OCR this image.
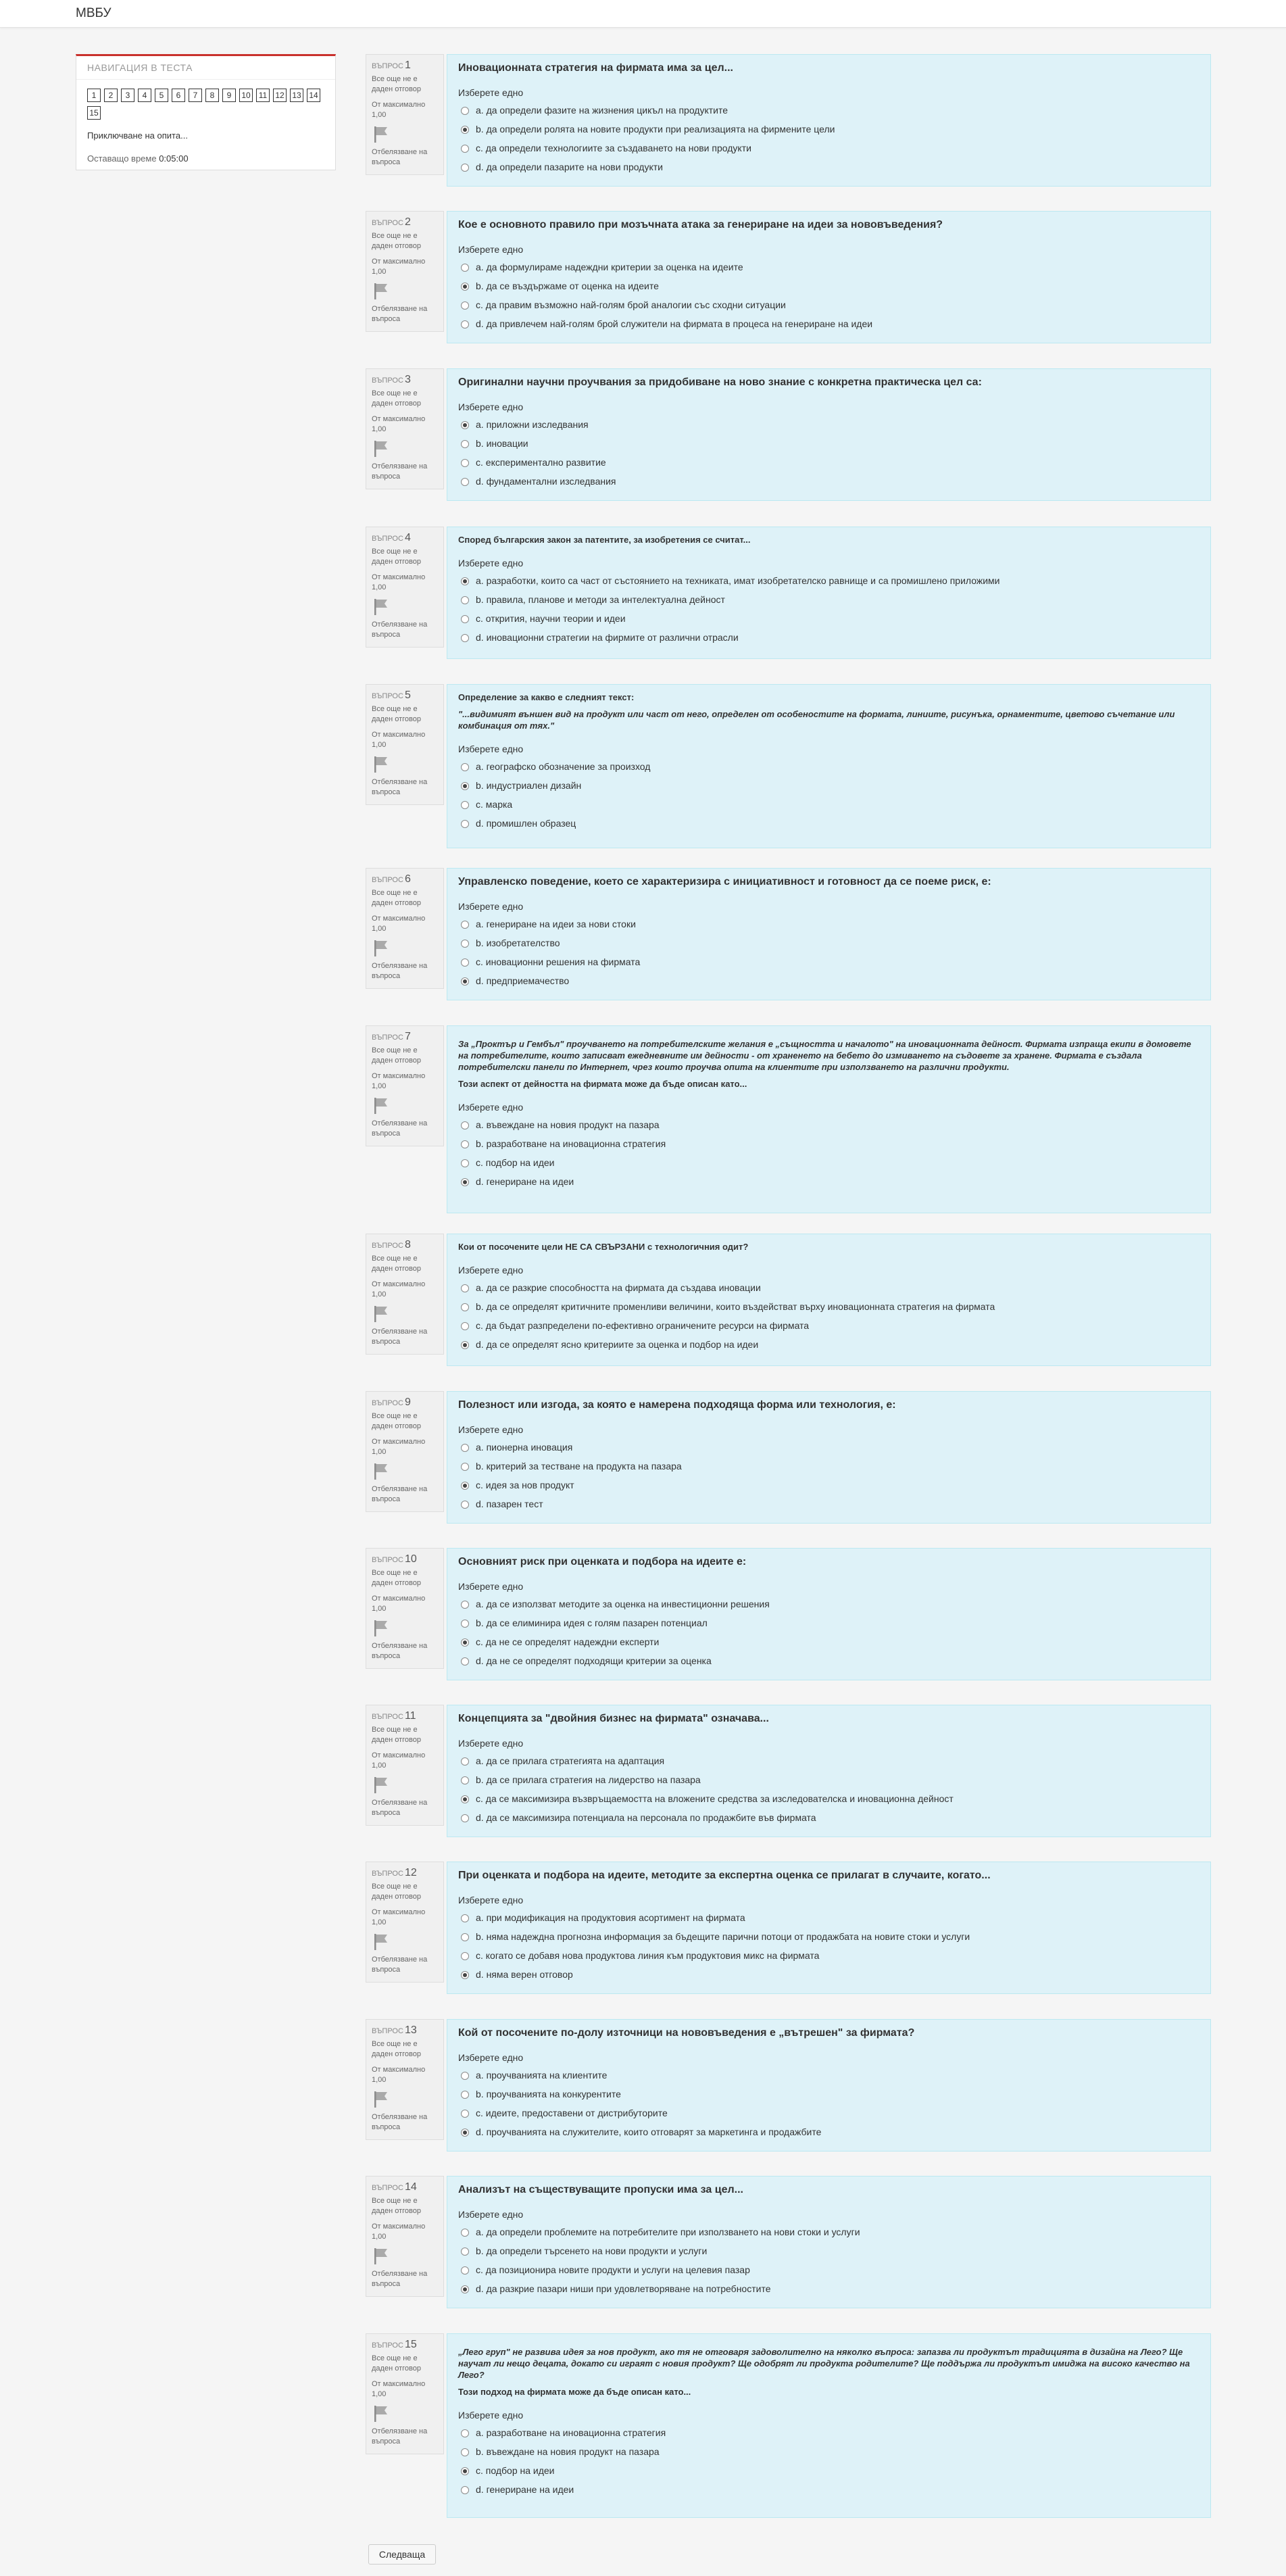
МВБУ
НАВИГАЦИЯ В ТЕСТА
1 2 3 4 5 6 7 8 9 10 11 12 13 1415
Приключване на опита...
Оставащо време 0:05:00
ВЪПРОС 1
Все още не е даден отговор
От максимално 1,00
Отбелязване на въпроса
Иновационната стратегия на фирмата има за цел...
Изберете едно
a. да определи фазите на жизнения цикъл на продуктите
b. да определи ролята на новите продукти при реализацията на фирмените цели
c. да определи технологиите за създаването на нови продукти
d. да определи пазарите на нови продукти
ВЪПРОС 2
Все още не е даден отговор
От максимално 1,00
Отбелязване на въпроса
Кое е основното правило при мозъчната атака за генериране на идеи за нововъведения?
Изберете едно
a. да формулираме надеждни критерии за оценка на идеите
b. да се въздържаме от оценка на идеите
c. да правим възможно най-голям брой аналогии със сходни ситуации
d. да привлечем най-голям брой служители на фирмата в процеса на генериране на идеи
ВЪПРОС 3
Все още не е даден отговор
От максимално 1,00
Отбелязване на въпроса
Оригинални научни проучвания за придобиване на ново знание с конкретна практическа цел са:
Изберете едно
a. приложни изследвания
b. иновации
c. експериментално развитие
d. фундаментални изследвания
ВЪПРОС 4
Все още не е даден отговор
От максимално 1,00
Отбелязване на въпроса
Според българския закон за патентите, за изобретения се считат...
Изберете едно
a. разработки, които са част от състоянието на техниката, имат изобретателско равнище и са промишлено приложими
b. правила, планове и методи за интелектуална дейност
c. открития, научни теории и идеи
d. иновационни стратегии на фирмите от различни отрасли
ВЪПРОС 5
Все още не е даден отговор
От максимално 1,00
Отбелязване на въпроса
Определение за какво е следният текст:
"...видимият външен вид на продукт или част от него, определен от особеностите на формата, линиите, рисунъка, орнаментите, цветово съчетание или комбинация от тях."
Изберете едно
a. географско обозначение за произход
b. индустриален дизайн
c. марка
d. промишлен образец
ВЪПРОС 6
Все още не е даден отговор
От максимално 1,00
Отбелязване на въпроса
Управленско поведение, което се характеризира с инициативност и готовност да се поеме риск, е:
Изберете едно
a. генериране на идеи за нови стоки
b. изобретателство
c. иновационни решения на фирмата
d. предприемачество
ВЪПРОС 7
Все още не е даден отговор
От максимално 1,00
Отбелязване на въпроса
За „Проктър и Гембъл" проучването на потребителските желания е „същността и началото" на иновационната дейност. Фирмата изпраща екипи в домовете на потребителите, които записват ежедневните им дейности - от храненето на бебето до измиването на съдовете за хранене. Фирмата е създала потребителски панели по Интернет, чрез които проучва опита на клиентите при използването на различни продукти.
Този аспект от дейността на фирмата може да бъде описан като...
Изберете едно
a. въвеждане на новия продукт на пазара
b. разработване на иновационна стратегия
c. подбор на идеи
d. генериране на идеи
ВЪПРОС 8
Все още не е даден отговор
От максимално 1,00
Отбелязване на въпроса
Кои от посочените цели НЕ СА СВЪРЗАНИ с технологичния одит?
Изберете едно
a. да се разкрие способността на фирмата да създава иновации
b. да се определят критичните променливи величини, които въздействат върху иновационната стратегия на фирмата
c. да бъдат разпределени по-ефективно ограничените ресурси на фирмата
d. да се определят ясно критериите за оценка и подбор на идеи
ВЪПРОС 9
Все още не е даден отговор
От максимално 1,00
Отбелязване на въпроса
Полезност или изгода, за която е намерена подходяща форма или технология, е:
Изберете едно
a. пионерна иновация
b. критерий за тестване на продукта на пазара
c. идея за нов продукт
d. пазарен тест
ВЪПРОС 10
Все още не е даден отговор
От максимално 1,00
Отбелязване на въпроса
Основният риск при оценката и подбора на идеите е:
Изберете едно
a. да се използват методите за оценка на инвестиционни решения
b. да се елиминира идея с голям пазарен потенциал
c. да не се определят надеждни експерти
d. да не се определят подходящи критерии за оценка
ВЪПРОС 11
Все още не е даден отговор
От максимално 1,00
Отбелязване на въпроса
Концепцията за "двойния бизнес на фирмата" означава...
Изберете едно
a. да се прилага стратегията на адаптация
b. да се прилага стратегия на лидерство на пазара
c. да се максимизира възвръщаемостта на вложените средства за изследователска и иновационна дейност
d. да се максимизира потенциала на персонала по продажбите във фирмата
ВЪПРОС 12
Все още не е даден отговор
От максимално 1,00
Отбелязване на въпроса
При оценката и подбора на идеите, методите за експертна оценка се прилагат в случаите, когато...
Изберете едно
a. при модификация на продуктовия асортимент на фирмата
b. няма надеждна прогнозна информация за бъдещите парични потоци от продажбата на новите стоки и услуги
c. когато се добавя нова продуктова линия към продуктовия микс на фирмата
d. няма верен отговор
ВЪПРОС 13
Все още не е даден отговор
От максимално 1,00
Отбелязване на въпроса
Кой от посочените по-долу източници на нововъведения е „вътрешен" за фирмата?
Изберете едно
a. проучванията на клиентите
b. проучванията на конкурентите
c. идеите, предоставени от дистрибуторите
d. проучванията на служителите, които отговарят за маркетинга и продажбите
ВЪПРОС 14
Все още не е даден отговор
От максимално 1,00
Отбелязване на въпроса
Анализът на съществуващите пропуски има за цел...
Изберете едно
a. да определи проблемите на потребителите при използването на нови стоки и услуги
b. да определи търсенето на нови продукти и услуги
c. да позиционира новите продукти и услуги на целевия пазар
d. да разкрие пазари ниши при удовлетворяване на потребностите
ВЪПРОС 15
Все още не е даден отговор
От максимално 1,00
Отбелязване на въпроса
„Лего груп" не развива идея за нов продукт, ако тя не отговаря задоволително на няколко въпроса: запазва ли продуктът традицията в дизайна на Лего? Ще научат ли нещо децата, докато си играят с новия продукт? Ще одобрят ли продукта родителите? Ще поддържа ли продуктът имиджа на високо качество на Лего?
Този подход на фирмата може да бъде описан като...
Изберете едно
a. разработване на иновационна стратегия
b. въвеждане на новия продукт на пазара
c. подбор на идеи
d. генериране на идеи
Следваща
